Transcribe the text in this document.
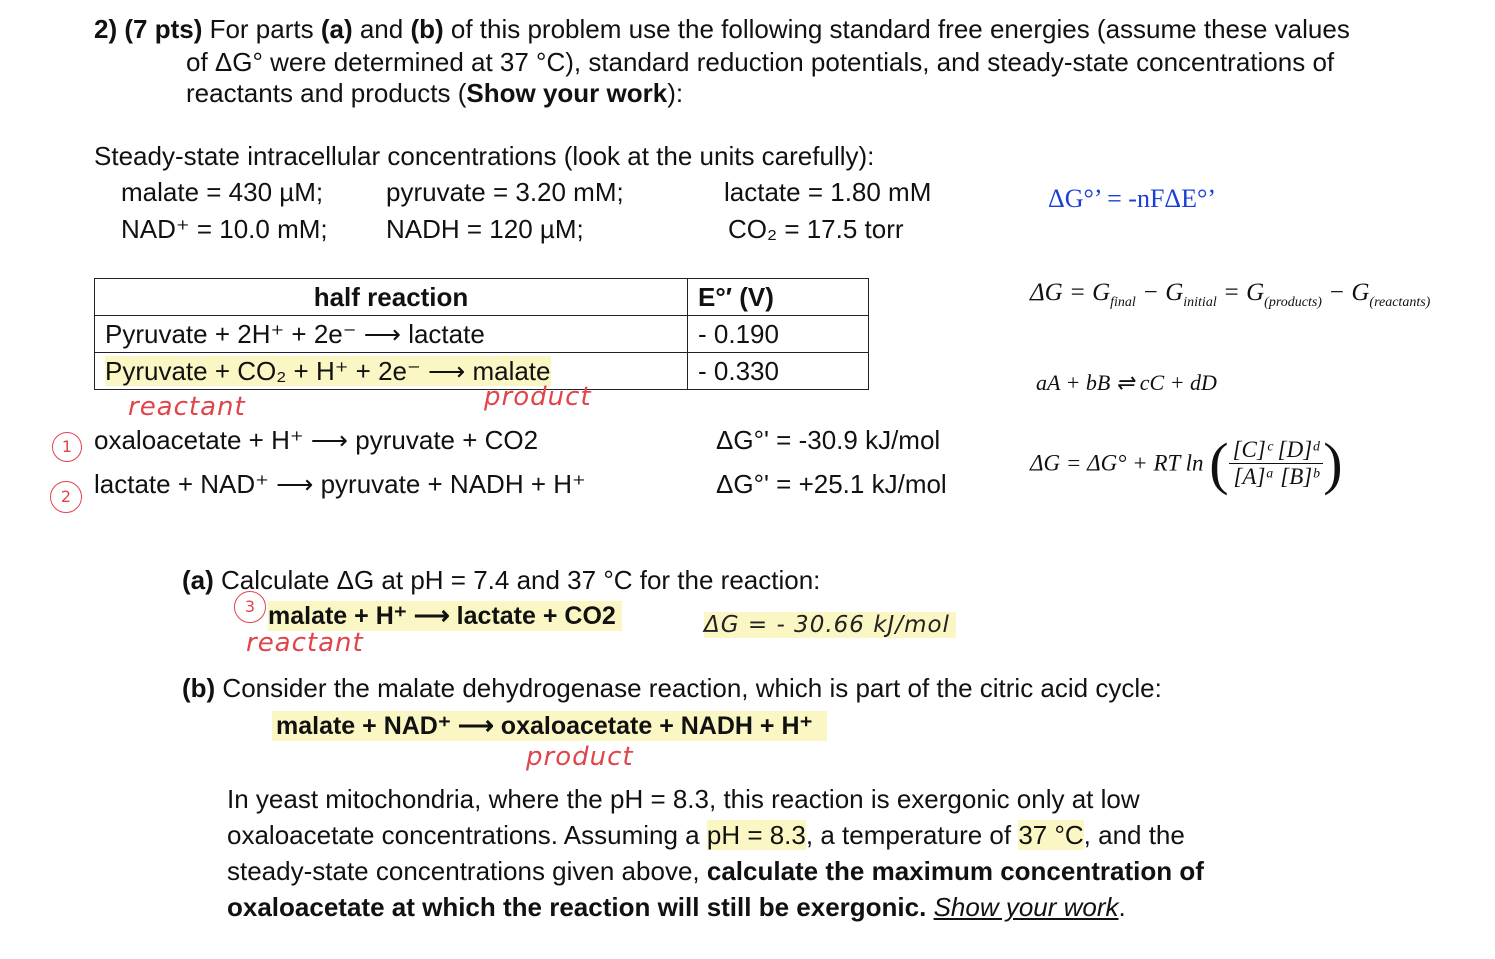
2) (7 pts) For parts (a) and (b) of this problem use the following standard free energies (assume these values
of ΔG° were determined at 37 °C), standard reduction potentials, and steady-state concentrations of
reactants and products (Show your work):
Steady-state intracellular concentrations (look at the units carefully):
malate = 430 µM; pyruvate = 3.20 mM;	lactate = 1.80 mM
NAD⁺ = 10.0 mM; NADH = 120 µM;	CO₂ = 17.5 torr
ΔG°’ = -nFΔE°’
$\Delta G = G_{final} - G_{initial} = G_{(products)} - G_{(reactants)}$
aA + bB ⇌ cC + dD
ΔG = ΔG° + RT ln ( $\frac{\text{[C]ᶜ [D]ᵈ}}{\text{[A]ᵃ [B]ᵇ}}$ )
half reaction	E°′ (V)
Pyruvate + 2H⁺ + 2e⁻ ⟶ lactate	- 0.190
Pyruvate + CO₂ + H⁺ + 2e⁻ ⟶ malate	- 0.330
reactant	product
1
2
oxaloacetate + H⁺ ⟶ pyruvate + CO2	ΔG°' = -30.9 kJ/mol
lactate + NAD⁺ ⟶ pyruvate + NADH + H⁺	ΔG°' = +25.1 kJ/mol
(a) Calculate ΔG at pH = 7.4 and 37 °C for the reaction:
3 malate + H⁺ ⟶ lactate + CO2
reactant
ΔG = - 30.66 kJ/mol
(b) Consider the malate dehydrogenase reaction, which is part of the citric acid cycle:
malate + NAD⁺ ⟶ oxaloacetate + NADH + H⁺
product
In yeast mitochondria, where the pH = 8.3, this reaction is exergonic only at low
oxaloacetate concentrations. Assuming a pH = 8.3, a temperature of 37 °C, and the
steady-state concentrations given above, calculate the maximum concentration of
oxaloacetate at which the reaction will still be exergonic. Show your work.
